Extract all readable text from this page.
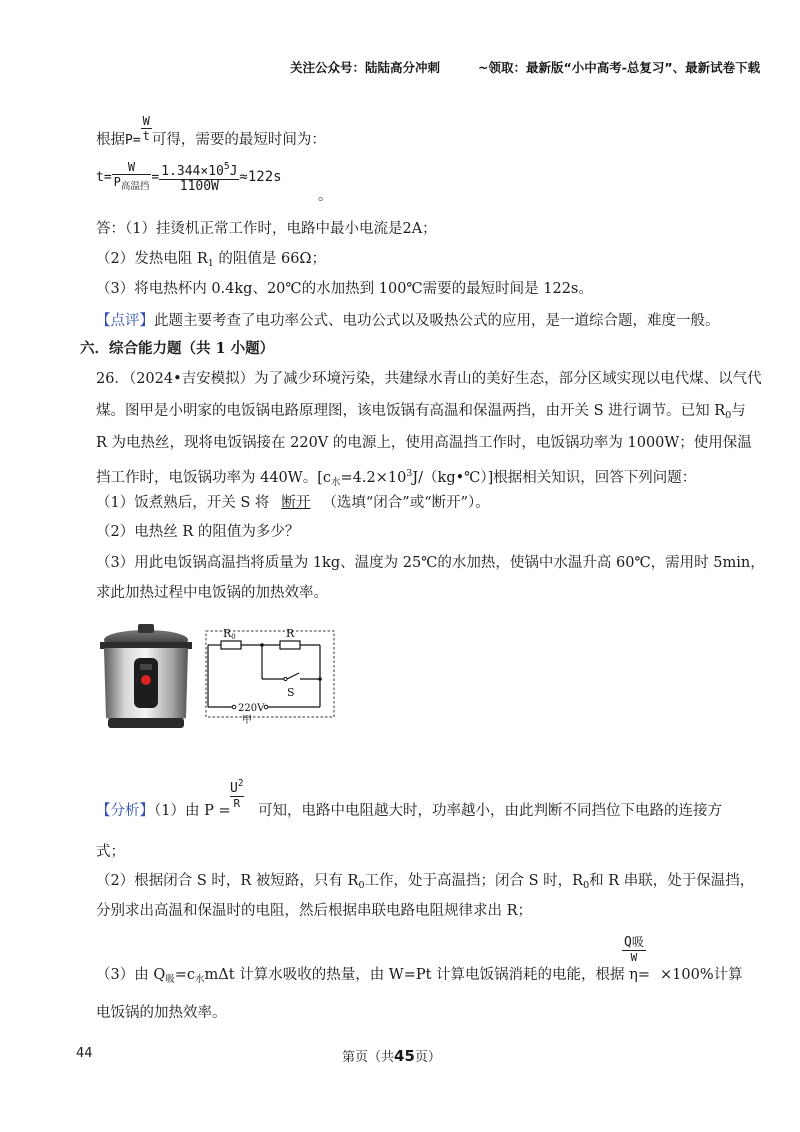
关注公众号：陆陆高分冲刺	~领取：最新版“小中高考-总复习”、最新试卷下载
根据$P= \frac{W}{t}$ 可得，需要的最短时间为：
$t= \frac{W}{P_{高温挡}} = \frac{1.344\times 10^5J}{1100W} \approx 122s$
。
答：（1）挂烫机正常工作时，电路中最小电流是2A；
（2）发热电阻 $R_1$ 的阻值是 66Ω；
（3）将电热杯内 0.4kg、20℃的水加热到 100℃需要的最短时间是 122s。
【点评】此题主要考查了电功率公式、电功公式以及吸热公式的应用，是一道综合题，难度一般。
六．综合能力题（共 1 小题）
26．（2024•吉安模拟）为了减少环境污染，共建绿水青山的美好生态，部分区域实现以电代煤、以气代
煤。图甲是小明家的电饭锅电路原理图，该电饭锅有高温和保温两挡，由开关 S 进行调节。已知 $R_0$与
R 为电热丝，现将电饭锅接在 220V 的电源上，使用高温挡工作时，电饭锅功率为 1000W；使用保温
挡工作时，电饭锅功率为 440W。$[c_水=4.2\times 10^3J/(kg•℃)]$根据相关知识，回答下列问题：
（1）饭煮熟后，开关 S 将 断开 （选填“闭合”或“断开”）。
（2）电热丝 R 的阻值为多少？
（3）用此电饭锅高温挡将质量为 1kg、温度为 25℃的水加热，使锅中水温升高 60℃，需用时 5min，
求此加热过程中电饭锅的加热效率。
R0	R
S
220V
甲
$U^2$
R
【分析】（1）由 P = 可知，电路中电阻越大时，功率越小，由此判断不同挡位下电路的连接方
式；
（2）根据闭合 S 时，R 被短路，只有 $R_0$工作，处于高温挡；闭合 S 时，$R_0$和 R 串联，处于保温挡，
分别求出高温和保温时的电阻，然后根据串联电路电阻规律求出 R；
Q吸
W
（3）由 $Q_吸=c_水m\Delta t$ 计算水吸收的热量，由 W=Pt 计算电饭锅消耗的电能，根据 η= ×100%计算
电饭锅的加热效率。
44	第页（共45页）
